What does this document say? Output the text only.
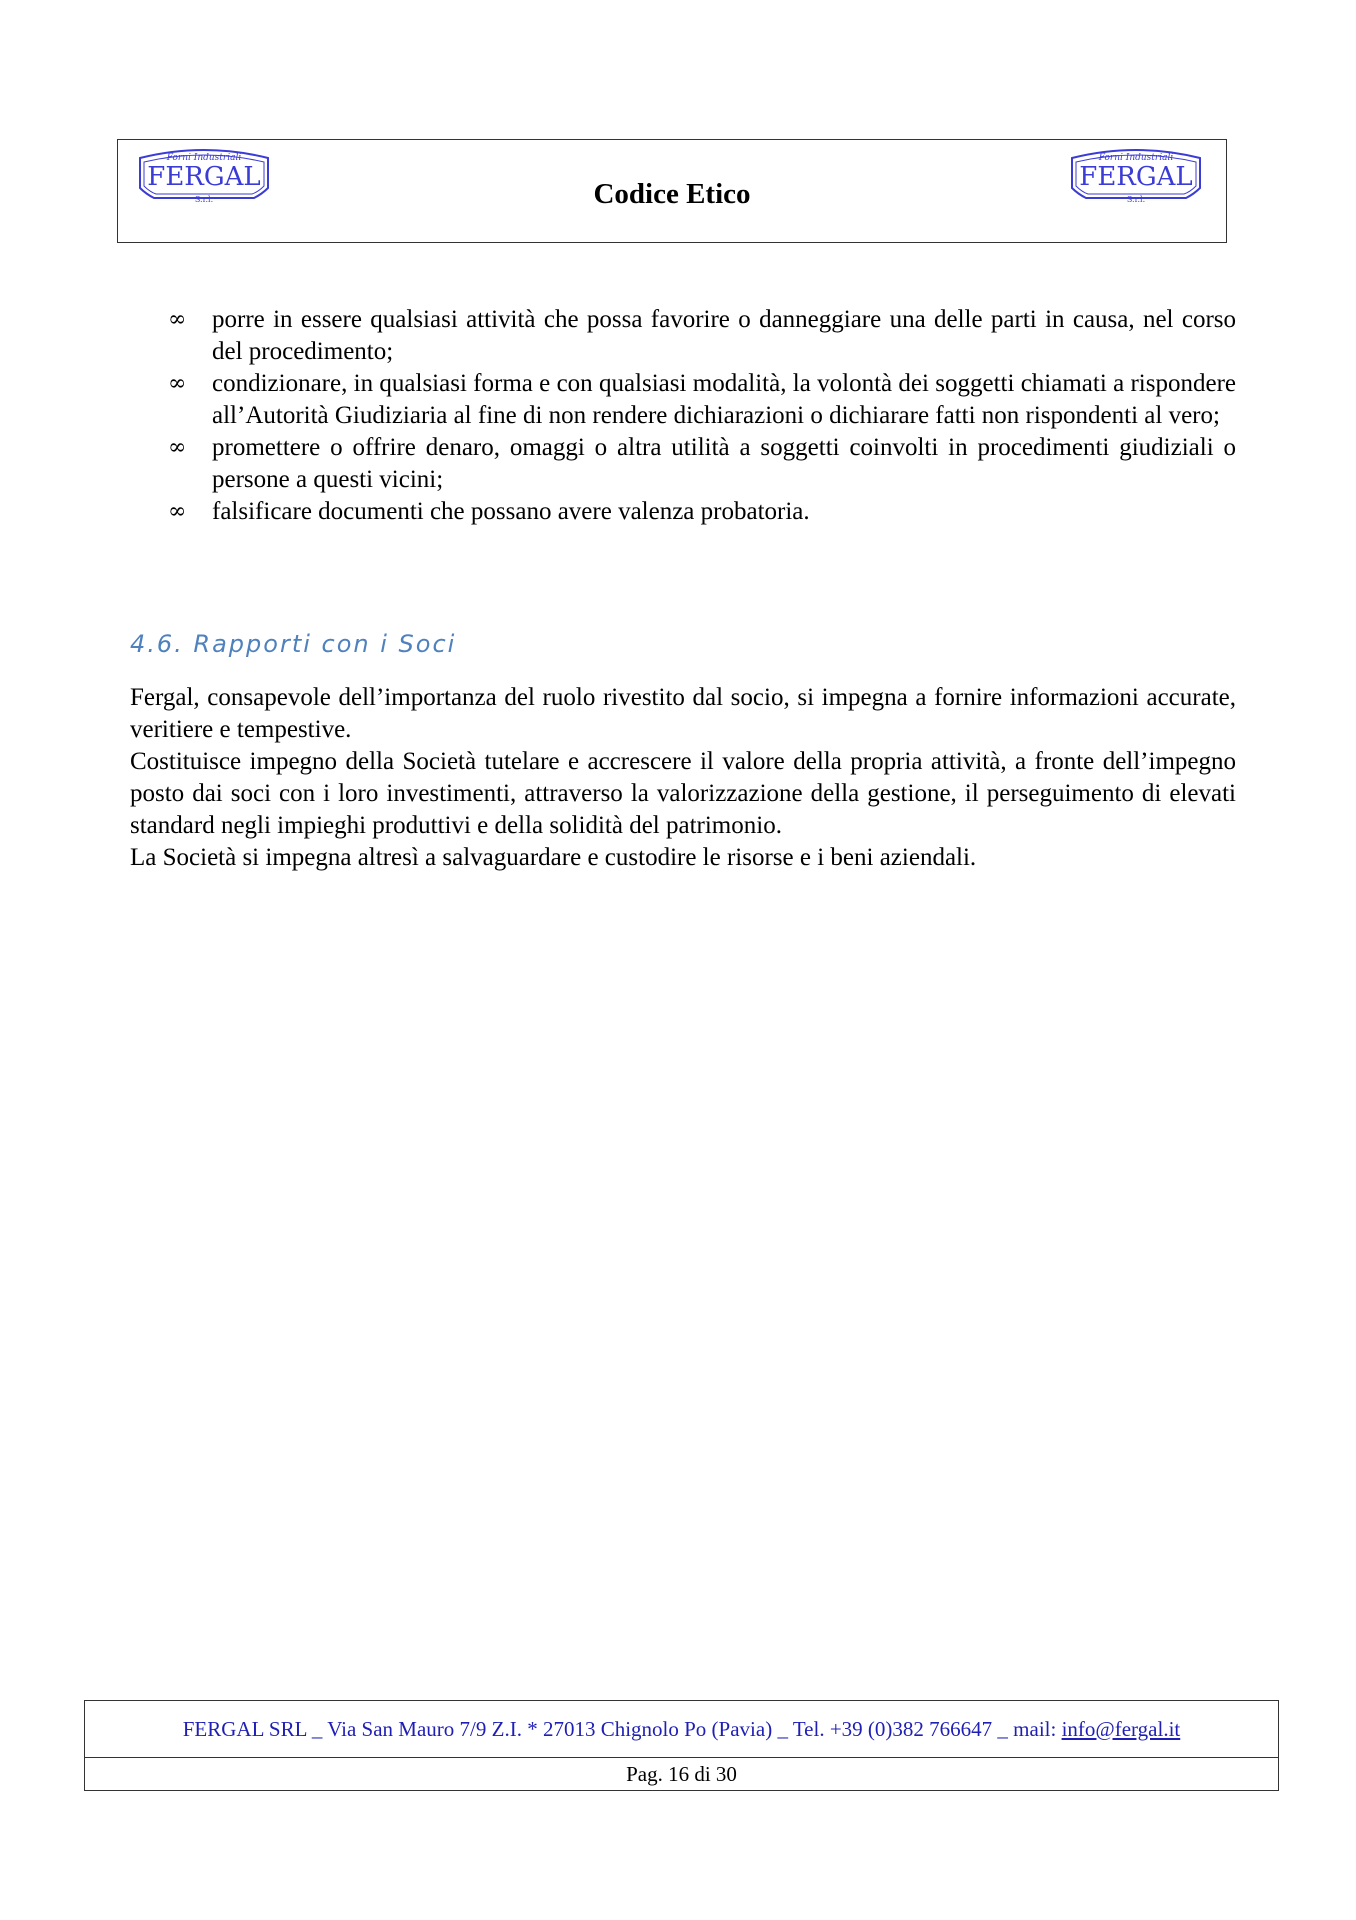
Forni Industriali
FERGAL
S.r.l.	Codice Etico
Forni Industriali
FERGAL
S.r.l.
∞ porre in essere qualsiasi attività che possa favorire o danneggiare una delle parti in causa, nel corso del procedimento;
∞ condizionare, in qualsiasi forma e con qualsiasi modalità, la volontà dei soggetti chiamati a rispondere all’Autorità Giudiziaria al fine di non rendere dichiarazioni o dichiarare fatti non rispondenti al vero;
∞ promettere o offrire denaro, omaggi o altra utilità a soggetti coinvolti in procedimenti giudiziali o persone a questi vicini;
∞ falsificare documenti che possano avere valenza probatoria.
4.6. Rapporti con i Soci

Fergal, consapevole dell’importanza del ruolo rivestito dal socio, si impegna a fornire informazioni accurate, veritiere e tempestive.

Costituisce impegno della Società tutelare e accrescere il valore della propria attività, a fronte dell’impegno posto dai soci con i loro investimenti, attraverso la valorizzazione della gestione, il perseguimento di elevati standard negli impieghi produttivi e della solidità del patrimonio.

La Società si impegna altresì a salvaguardare e custodire le risorse e i beni aziendali.

FERGAL SRL _ Via San Mauro 7/9 Z.I. * 27013 Chignolo Po (Pavia) _ Tel. +39 (0)382 766647 _ mail: info@fergal.it
Pag. 16 di 30
